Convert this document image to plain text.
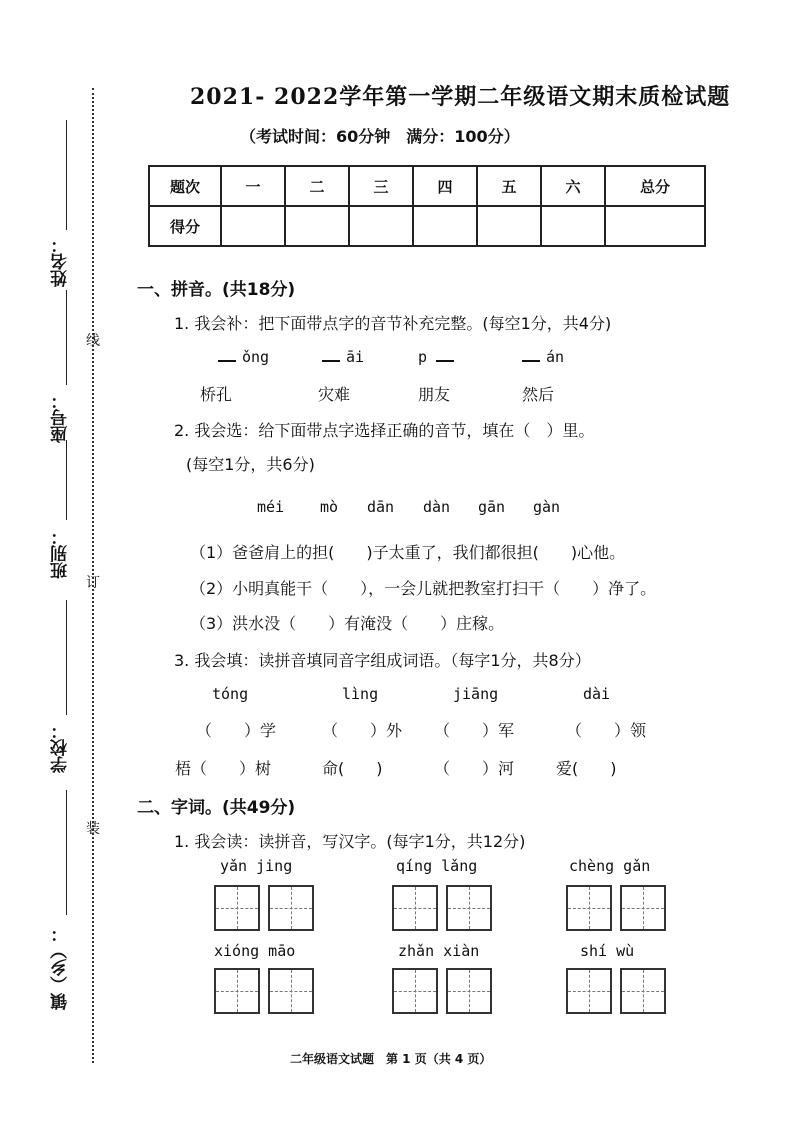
姓名：
座号：
班别：
学校：
镇（乡）：
线
订
装
2021- 2022学年第一学期二年级语文期末质检试题
（考试时间：60分钟　满分：100分）
题次	一	二	三	四	五	六	总分
得分							
一、拼音。(共18分)
1. 我会补：把下面带点字的音节补充完整。(每空1分，共4分)
ǒng	āi	p	án
桥孔	灾难	朋友	然后
2. 我会选：给下面带点字选择正确的音节，填在（　）里。
(每空1分，共6分)
méi mò dān dàn gān gàn
（1）爸爸肩上的担(　　)子太重了，我们都很担(　　)心他。
（2）小明真能干（　　），一会儿就把教室打扫干（　　）净了。
（3）洪水没（　　）有淹没（　　）庄稼。
3. 我会填：读拼音填同音字组成词语。（每字1分，共8分）
tóng	lìng	jiāng	dài
（　　）学	（　　）外 （　　）军	（　　）领
梧（　　）树	命(　　)	（　　）河	爱(　　)
二、字词。(共49分)
1. 我会读：读拼音，写汉字。(每字1分，共12分)
yǎn jing	qíng lǎng	chèng gǎn
xióng māo	zhǎn xiàn	shí wù
二年级语文试题　第 1 页（共 4 页）
